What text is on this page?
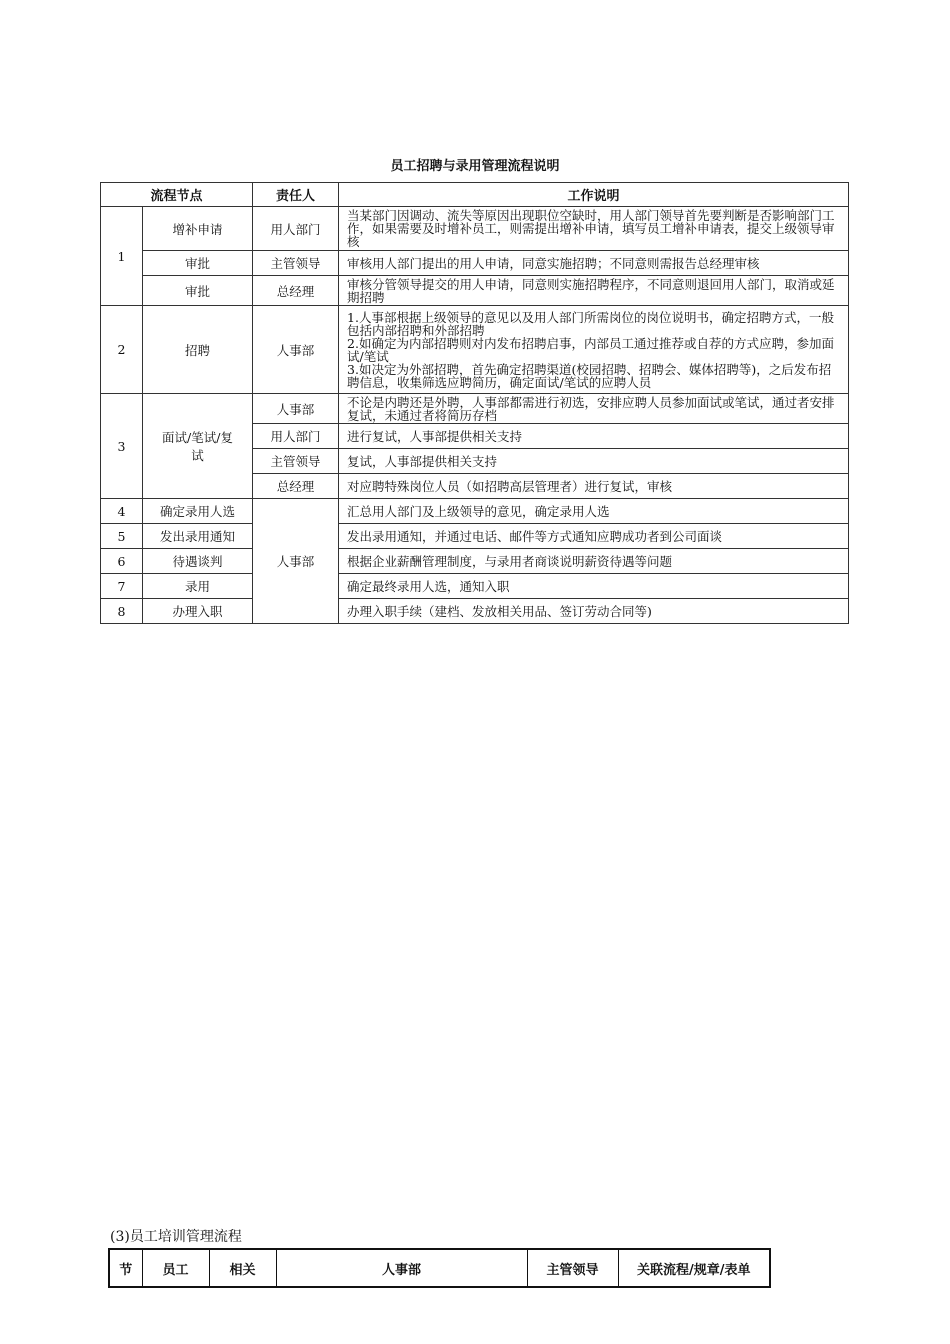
员工招聘与录用管理流程说明
流程节点		责任人	工作说明
1	增补申请	用人部门	当某部门因调动、流失等原因出现职位空缺时，用人部门领导首先要判断是否影响部门工作，如果需要及时增补员工，则需提出增补申请，填写员工增补申请表，提交上级领导审核
	审批	主管领导	审核用人部门提出的用人申请，同意实施招聘；不同意则需报告总经理审核
	审批	总经理	审核分管领导提交的用人申请，同意则实施招聘程序，不同意则退回用人部门，取消或延期招聘
2	招聘	人事部	1.人事部根据上级领导的意见以及用人部门所需岗位的岗位说明书，确定招聘方式，一般包括内部招聘和外部招聘
2.如确定为内部招聘则对内发布招聘启事，内部员工通过推荐或自荐的方式应聘，参加面试/笔试
3.如决定为外部招聘，首先确定招聘渠道(校园招聘、招聘会、媒体招聘等)，之后发布招聘信息，收集筛选应聘简历，确定面试/笔试的应聘人员

3	面试/笔试/复试	人事部	不论是内聘还是外聘，人事部都需进行初选，安排应聘人员参加面试或笔试，通过者安排复试，未通过者将简历存档
		用人部门	进行复试，人事部提供相关支持
		主管领导	复试，人事部提供相关支持
		总经理	对应聘特殊岗位人员（如招聘高层管理者）进行复试，审核
4	确定录用人选	人事部	汇总用人部门及上级领导的意见，确定录用人选
5	发出录用通知		发出录用通知，并通过电话、邮件等方式通知应聘成功者到公司面谈
6	待遇谈判		根据企业薪酬管理制度，与录用者商谈说明薪资待遇等问题
7	录用		确定最终录用人选，通知入职
8	办理入职		办理入职手续（建档、发放相关用品、签订劳动合同等)
(3)员工培训管理流程
节	员工	相关	人事部	主管领导	关联流程/规章/表单
